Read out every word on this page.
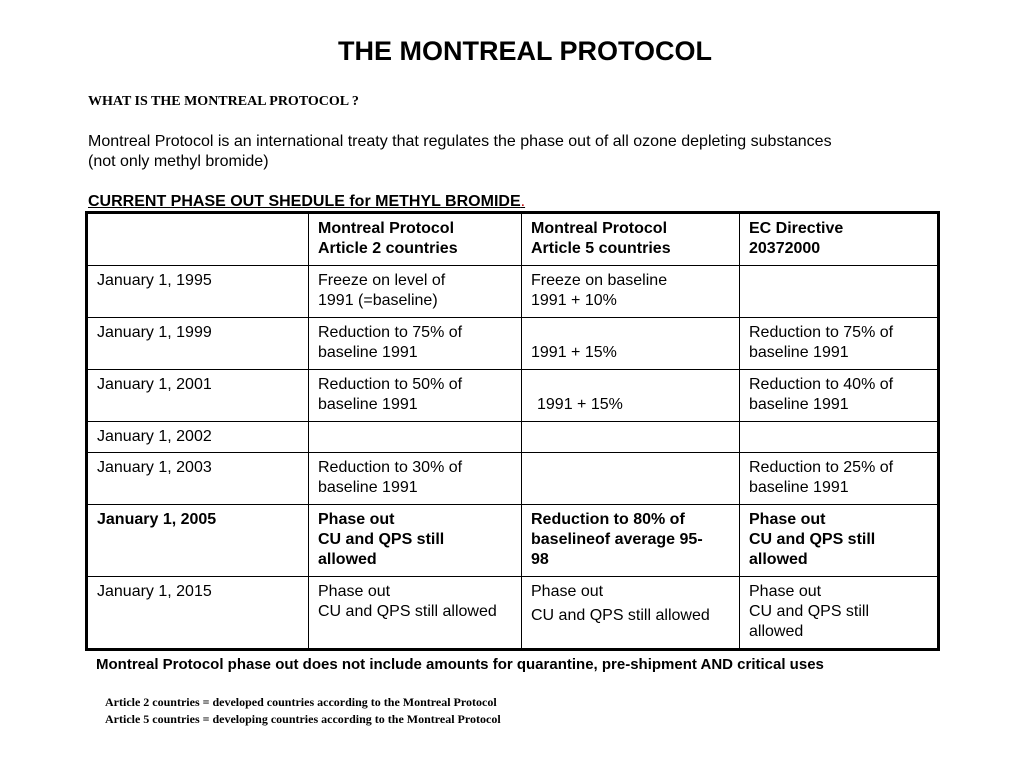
THE MONTREAL PROTOCOL

WHAT IS THE MONTREAL PROTOCOL ?

Montreal Protocol is an international treaty that regulates the phase out of all ozone depleting substances
(not only methyl bromide)

CURRENT PHASE OUT SHEDULE for METHYL BROMIDE.

	Montreal Protocol
Article 2 countries	Montreal Protocol
Article 5 countries	EC Directive
20372000

January 1, 1995	Freeze on level of
1991 (=baseline)	Freeze on baseline
1991 + 10%	

January 1, 1999	Reduction to 75% of
baseline 1991	1991 + 15%	Reduction to 75% of
baseline 1991

January 1, 2001	Reduction to 50% of
baseline 1991	1991 + 15%	Reduction to 40% of
baseline 1991

January 1, 2002			
January 1, 2003	Reduction to 30% of
baseline 1991		Reduction to 25% of
baseline 1991

January 1, 2005	Phase out
CU and QPS still
allowed	Reduction to 80% of
baselineof average 95-
98	Phase out
CU and QPS still
allowed

January 1, 2015	Phase out
CU and QPS still allowed	Phase out
CU and QPS still allowed	Phase out
CU and QPS still
allowed

Montreal Protocol phase out does not include amounts for quarantine, pre-shipment AND critical uses

Article 2 countries = developed countries according to the Montreal Protocol
Article 5 countries = developing countries according to the Montreal Protocol
